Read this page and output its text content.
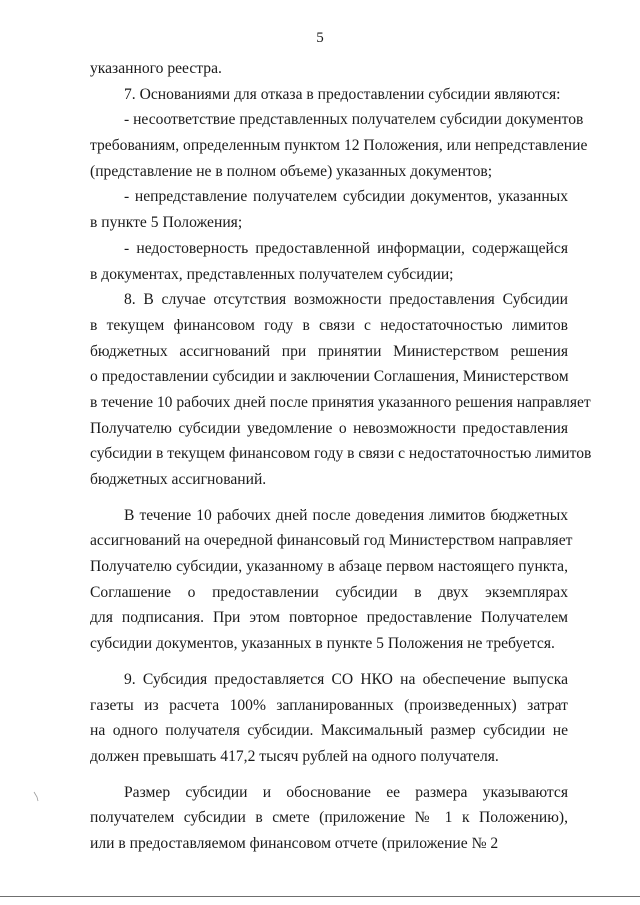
5
указанного реестра.
7. Основаниями для отказа в предоставлении субсидии являются:
- несоответствие представленных получателем субсидии документов
требованиям, определенным пунктом 12 Положения, или непредставление
(представление не в полном объеме) указанных документов;
- непредставление получателем субсидии документов, указанных
в пункте 5 Положения;
- недостоверность предоставленной информации, содержащейся
в документах, представленных получателем субсидии;
8. В случае отсутствия возможности предоставления Субсидии
в текущем финансовом году в связи с недостаточностью лимитов
бюджетных ассигнований при принятии Министерством решения
о предоставлении субсидии и заключении Соглашения, Министерством
в течение 10 рабочих дней после принятия указанного решения направляет
Получателю субсидии уведомление о невозможности предоставления
субсидии в текущем финансовом году в связи с недостаточностью лимитов
бюджетных ассигнований.
В течение 10 рабочих дней после доведения лимитов бюджетных
ассигнований на очередной финансовый год Министерством направляет
Получателю субсидии, указанному в абзаце первом настоящего пункта,
Соглашение о предоставлении субсидии в двух экземплярах
для подписания. При этом повторное предоставление Получателем
субсидии документов, указанных в пункте 5 Положения не требуется.
9. Субсидия предоставляется СО НКО на обеспечение выпуска
газеты из расчета 100% запланированных (произведенных) затрат
на одного получателя субсидии. Максимальный размер субсидии не
должен превышать 417,2 тысяч рублей на одного получателя.
Размер субсидии и обоснование ее размера указываются
получателем субсидии в смете (приложение № 1 к Положению),
или в предоставляемом финансовом отчете (приложение № 2
